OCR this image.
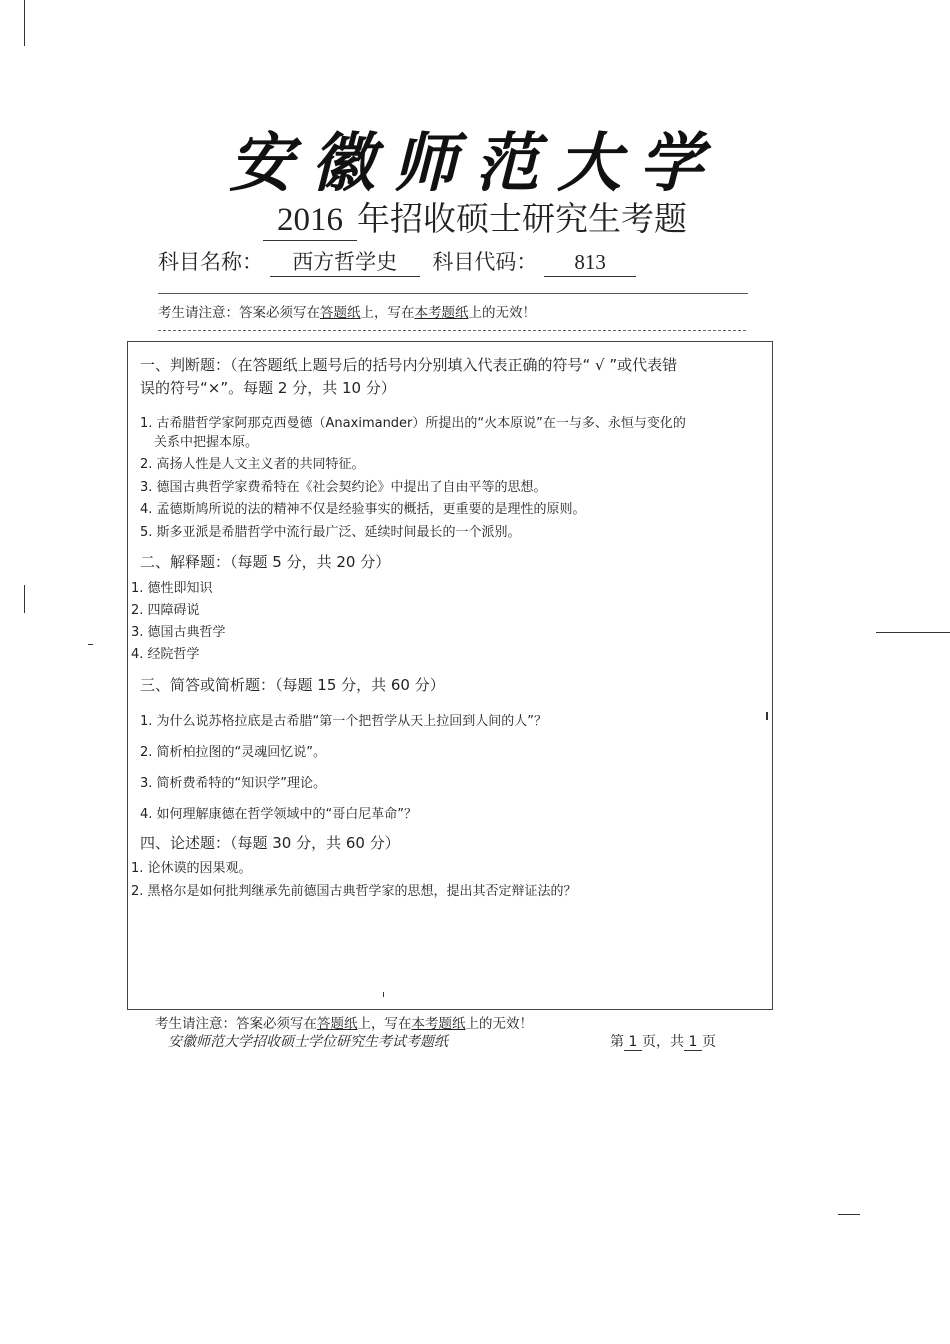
安徽师范大学
2016 年招收硕士研究生考题
科目名称： 西方哲学史 科目代码： 813
考生请注意：答案必须写在答题纸上，写在本考题纸上的无效！
一、判断题：（在答题纸上题号后的括号内分别填入代表正确的符号“ √ ”或代表错
误的符号“×”。每题 2 分，共 10 分）
1. 古希腊哲学家阿那克西曼德（Anaximander）所提出的“火本原说”在一与多、永恒与变化的
关系中把握本原。
2. 高扬人性是人文主义者的共同特征。
3. 德国古典哲学家费希特在《社会契约论》中提出了自由平等的思想。
4. 孟德斯鸠所说的法的精神不仅是经验事实的概括，更重要的是理性的原则。
5. 斯多亚派是希腊哲学中流行最广泛、延续时间最长的一个派别。
二、解释题：（每题 5 分，共 20 分）
1. 德性即知识
2. 四障碍说
3. 德国古典哲学
4. 经院哲学
三、简答或简析题：（每题 15 分，共 60 分）
1. 为什么说苏格拉底是古希腊“第一个把哲学从天上拉回到人间的人”？
2. 简析柏拉图的“灵魂回忆说”。
3. 简析费希特的“知识学”理论。
4. 如何理解康德在哲学领域中的“哥白尼革命”？
四、论述题：（每题 30 分，共 60 分）
1. 论休谟的因果观。
2. 黑格尔是如何批判继承先前德国古典哲学家的思想，提出其否定辩证法的？
考生请注意：答案必须写在答题纸上，写在本考题纸上的无效！
安徽师范大学招收硕士学位研究生考试考题纸	第 1 页，共 1 页
